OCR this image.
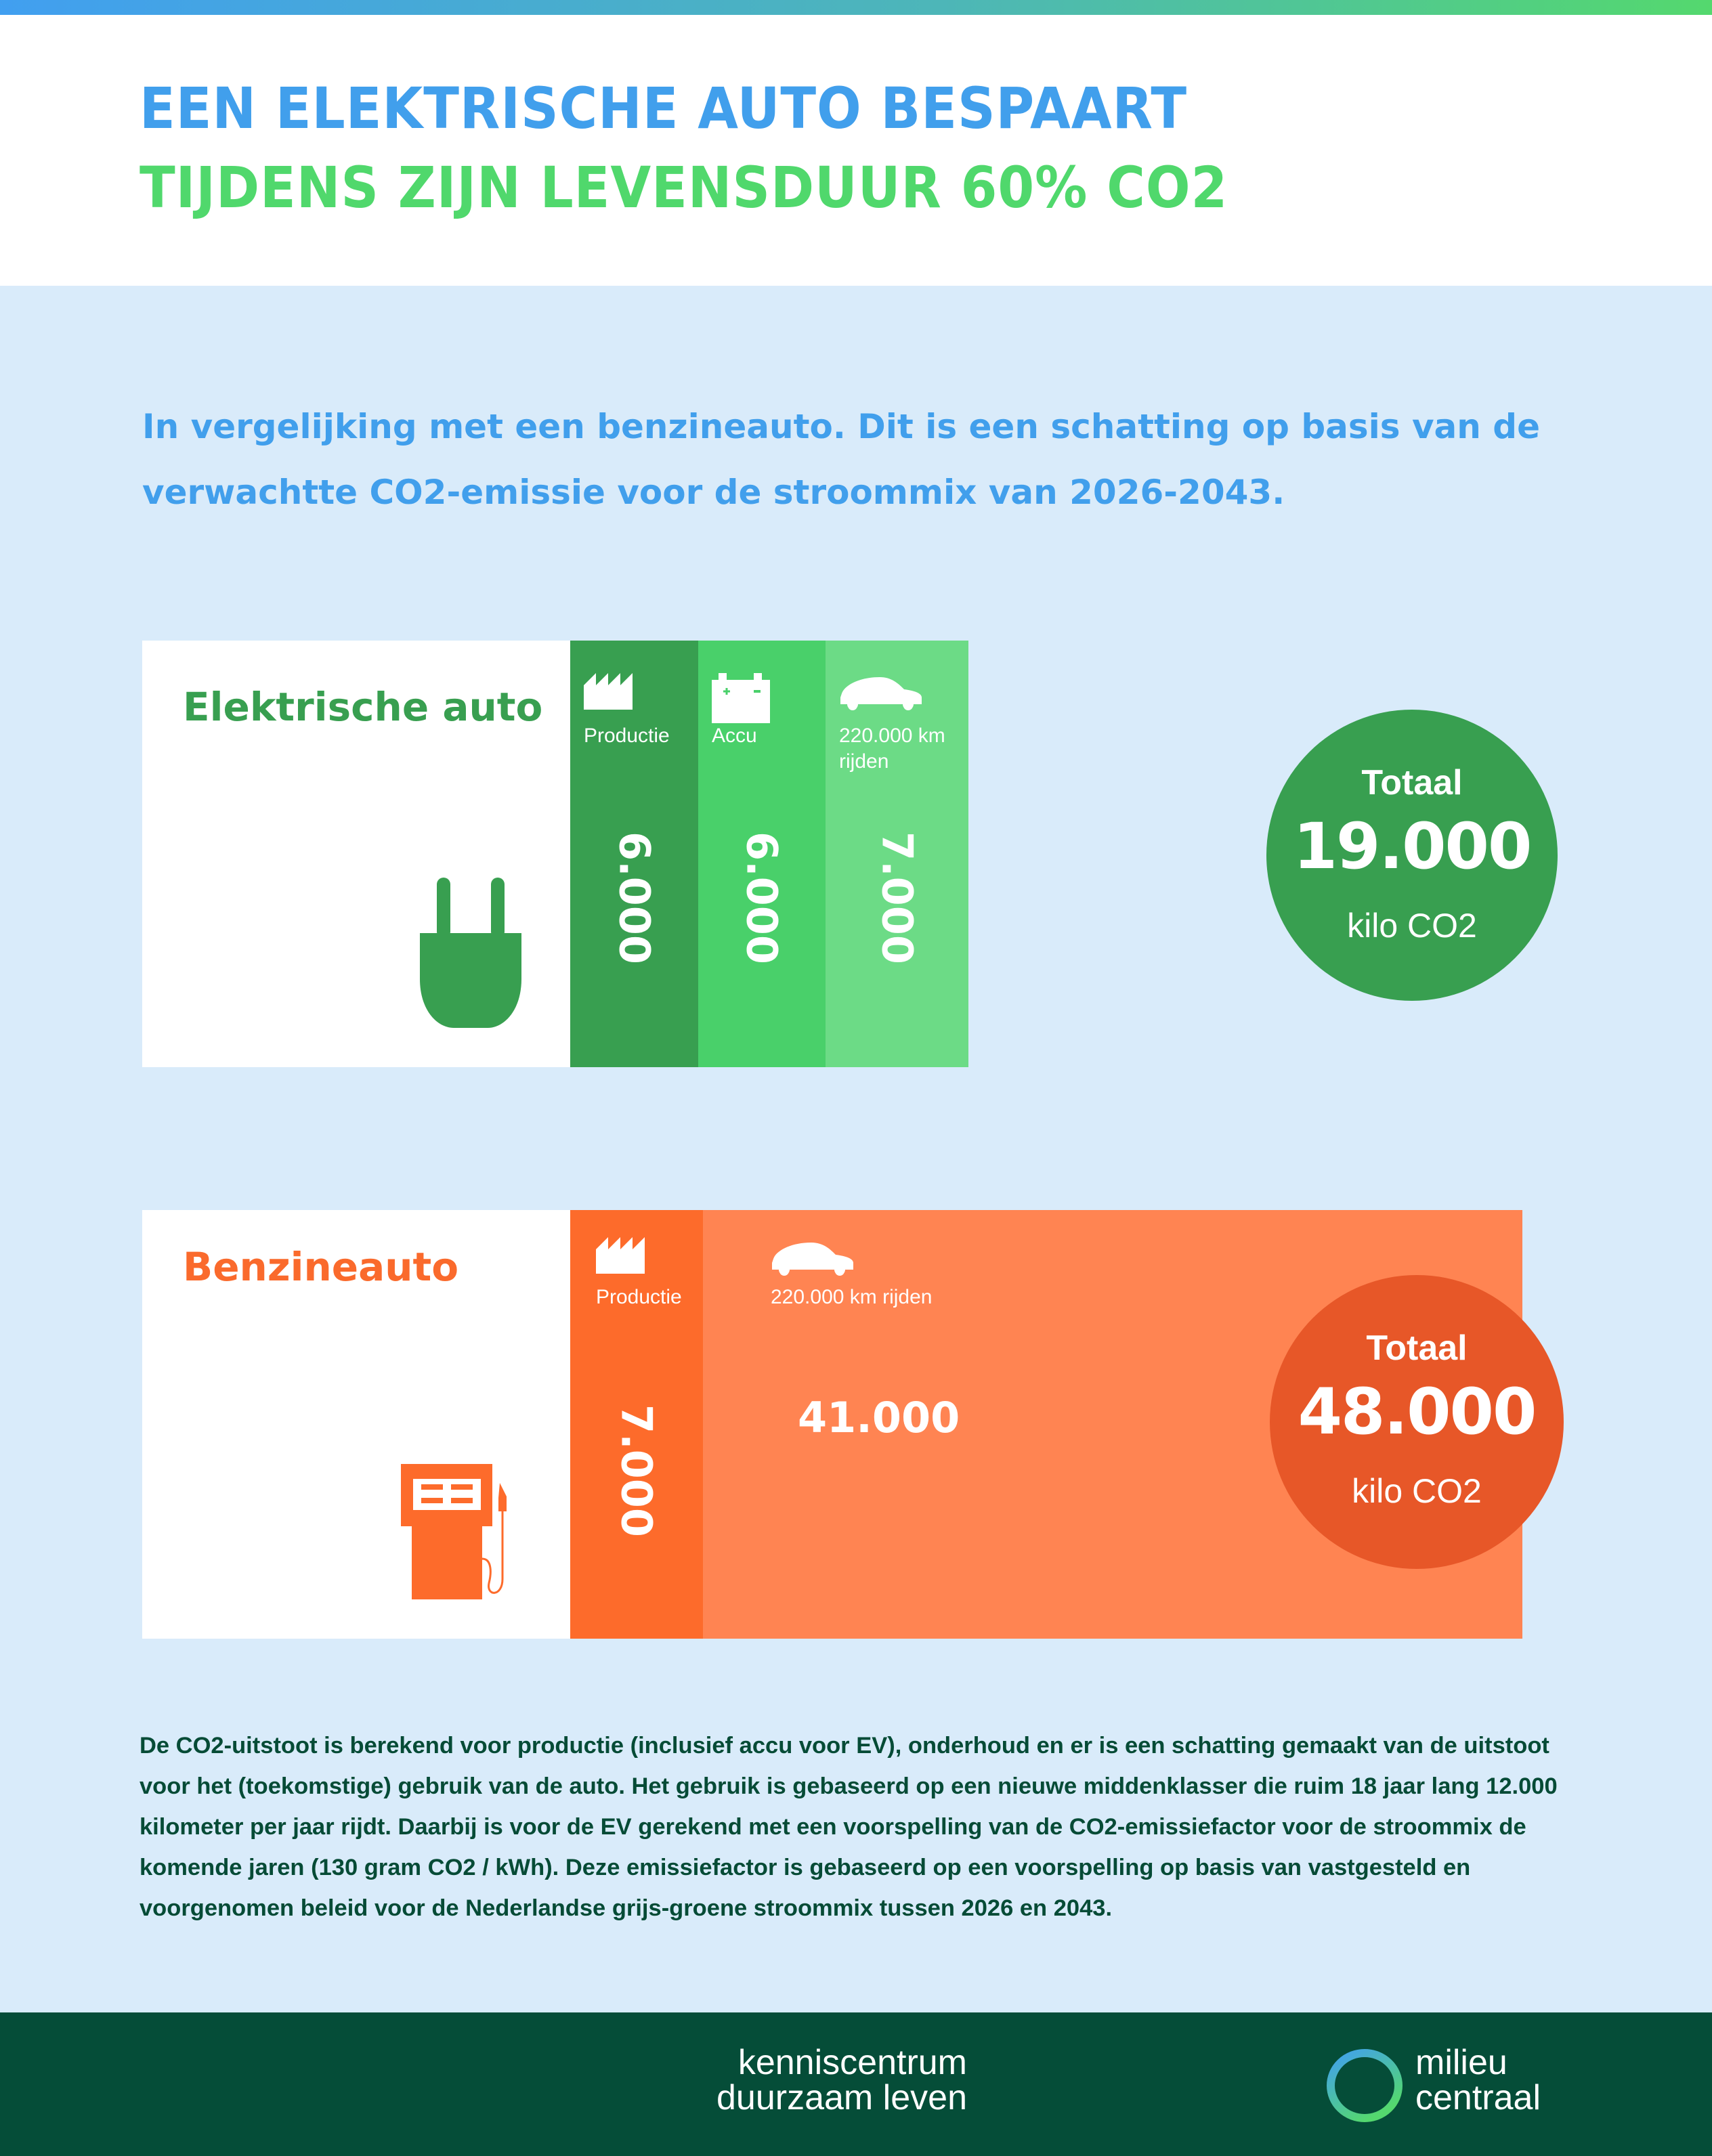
EEN ELEKTRISCHE AUTO BESPAART
TIJDENS ZIJN LEVENSDUUR 60% CO2
In vergelijking met een benzineauto. Dit is een schatting op basis van de verwachtte CO2-emissie voor de stroommix van 2026-2043.
Elektrische auto
Productie
6.000
Accu
6.000
220.000 km rijden
7.000
Totaal
19.000
kilo CO2
Benzineauto
Productie
7.000
220.000 km rijden
41.000
Totaal
48.000
kilo CO2
De CO2-uitstoot is berekend voor productie (inclusief accu voor EV), onderhoud en er is een schatting gemaakt van de uitstoot voor het (toekomstige) gebruik van de auto. Het gebruik is gebaseerd op een nieuwe middenklasser die ruim 18 jaar lang 12.000 kilometer per jaar rijdt. Daarbij is voor de EV gerekend met een voorspelling van de CO2-emissiefactor voor de stroommix de komende jaren (130 gram CO2 / kWh). Deze emissiefactor is gebaseerd op een voorspelling op basis van vastgesteld en voorgenomen beleid voor de Nederlandse grijs-groene stroommix tussen 2026 en 2043.
kenniscentrum
duurzaam leven
milieu
centraal
